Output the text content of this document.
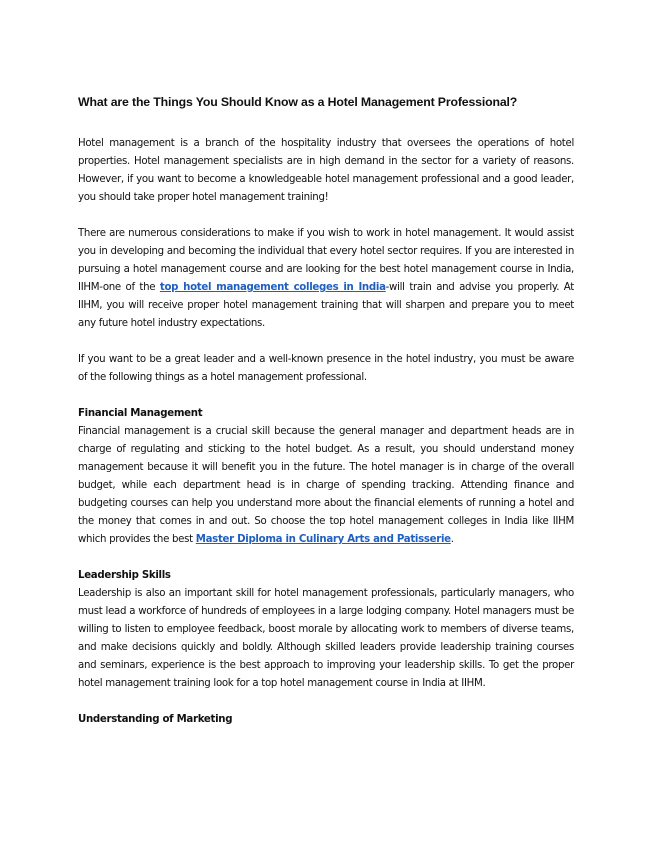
What are the Things You Should Know as a Hotel Management Professional?

Hotel management is a branch of the hospitality industry that oversees the operations of hotel properties. Hotel management specialists are in high demand in the sector for a variety of reasons. However, if you want to become a knowledgeable hotel management professional and a good leader, you should take proper hotel management training!

There are numerous considerations to make if you wish to work in hotel management. It would assist you in developing and becoming the individual that every hotel sector requires. If you are interested in pursuing a hotel management course and are looking for the best hotel management course in India, IIHM-one of the top hotel management colleges in India-will train and advise you properly. At IIHM, you will receive proper hotel management training that will sharpen and prepare you to meet any future hotel industry expectations.

If you want to be a great leader and a well-known presence in the hotel industry, you must be aware of the following things as a hotel management professional.

Financial Management

Financial management is a crucial skill because the general manager and department heads are in charge of regulating and sticking to the hotel budget. As a result, you should understand money management because it will benefit you in the future. The hotel manager is in charge of the overall budget, while each department head is in charge of spending tracking. Attending finance and budgeting courses can help you understand more about the financial elements of running a hotel and the money that comes in and out. So choose the top hotel management colleges in India like IIHM which provides the best Master Diploma in Culinary Arts and Patisserie.

Leadership Skills

Leadership is also an important skill for hotel management professionals, particularly managers, who must lead a workforce of hundreds of employees in a large lodging company. Hotel managers must be willing to listen to employee feedback, boost morale by allocating work to members of diverse teams, and make decisions quickly and boldly. Although skilled leaders provide leadership training courses and seminars, experience is the best approach to improving your leadership skills. To get the proper hotel management training look for a top hotel management course in India at IIHM.

Understanding of Marketing
